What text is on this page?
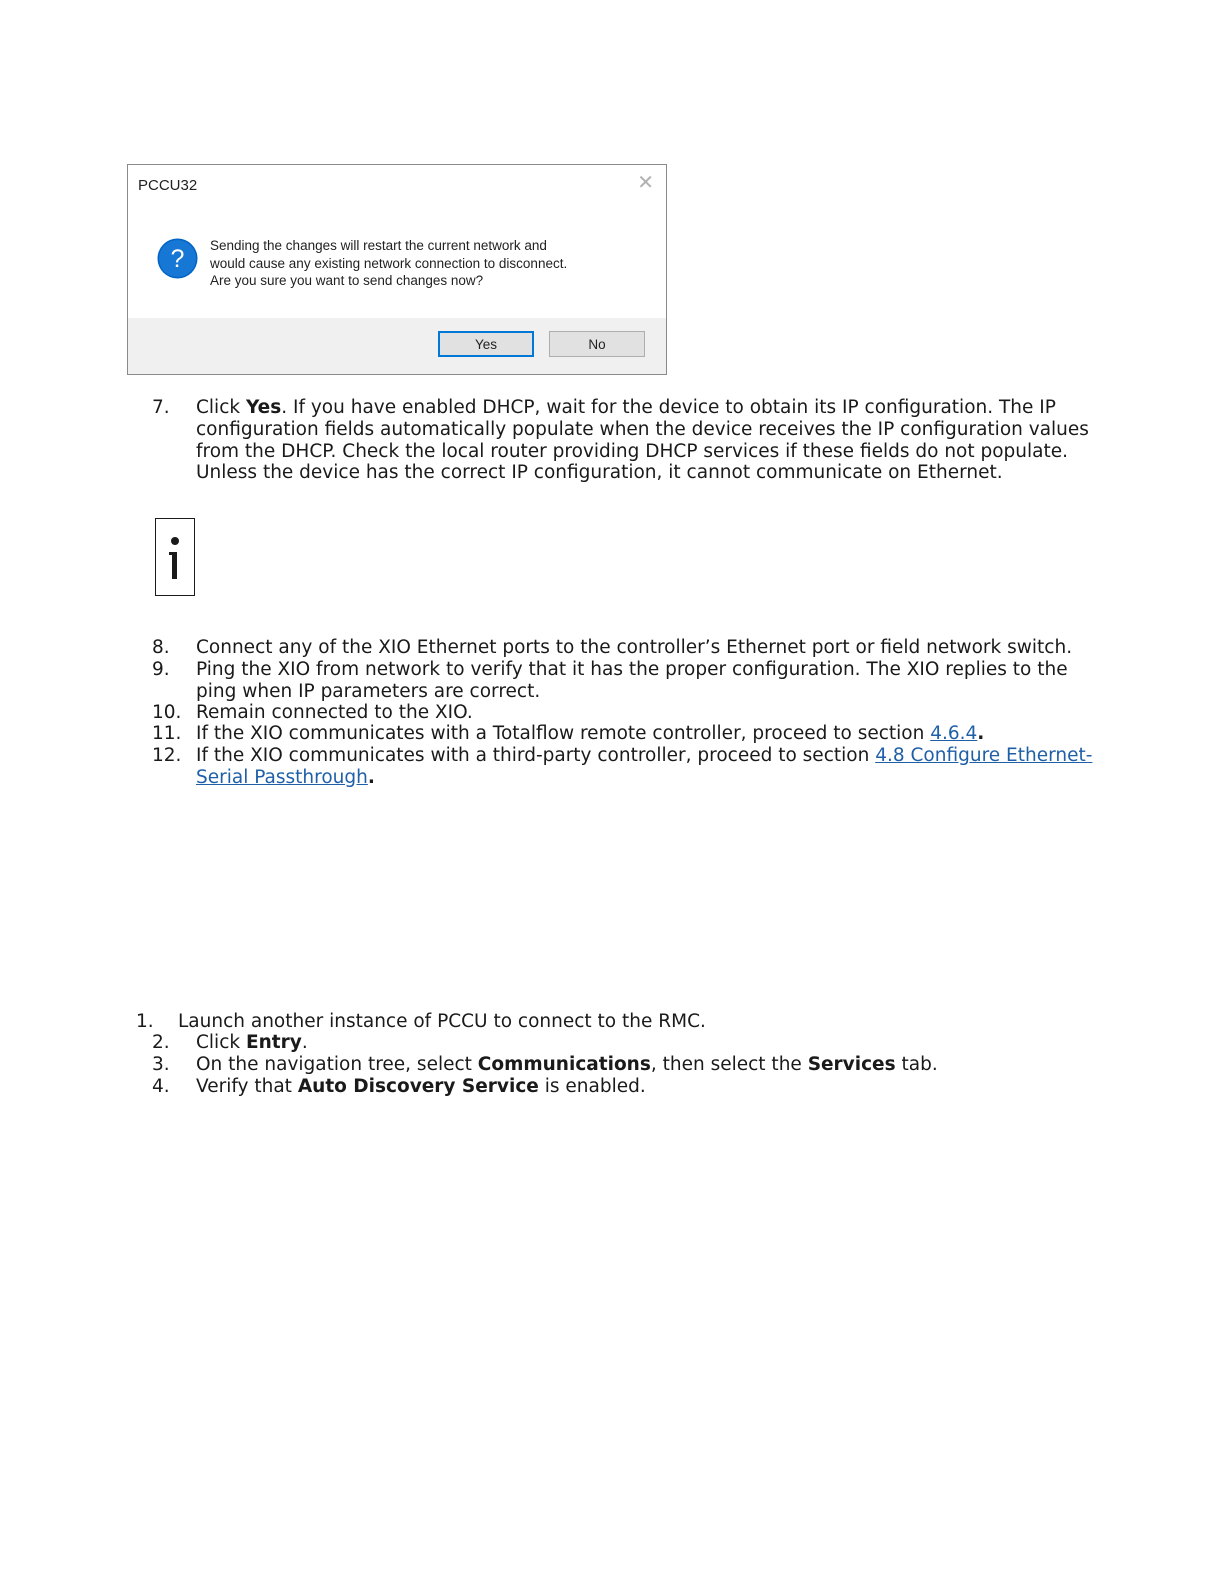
PCCU32	✕
? Sending the changes will restart the current network and
would cause any existing network connection to disconnect.
Are you sure you want to send changes now?
Yes	No
7. Click Yes. If you have enabled DHCP, wait for the device to obtain its IP configuration. The IP
configuration fields automatically populate when the device receives the IP configuration values
from the DHCP. Check the local router providing DHCP services if these fields do not populate.
Unless the device has the correct IP configuration, it cannot communicate on Ethernet.
8. Connect any of the XIO Ethernet ports to the controller’s Ethernet port or field network switch.
9. Ping the XIO from network to verify that it has the proper configuration. The XIO replies to the
ping when IP parameters are correct.
10. Remain connected to the XIO.
11. If the XIO communicates with a Totalflow remote controller, proceed to section 4.6.4.
12. If the XIO communicates with a third-party controller, proceed to section 4.8 Configure Ethernet-
Serial Passthrough.
1. Launch another instance of PCCU to connect to the RMC.
2. Click Entry.
3. On the navigation tree, select Communications, then select the Services tab.
4. Verify that Auto Discovery Service is enabled.
